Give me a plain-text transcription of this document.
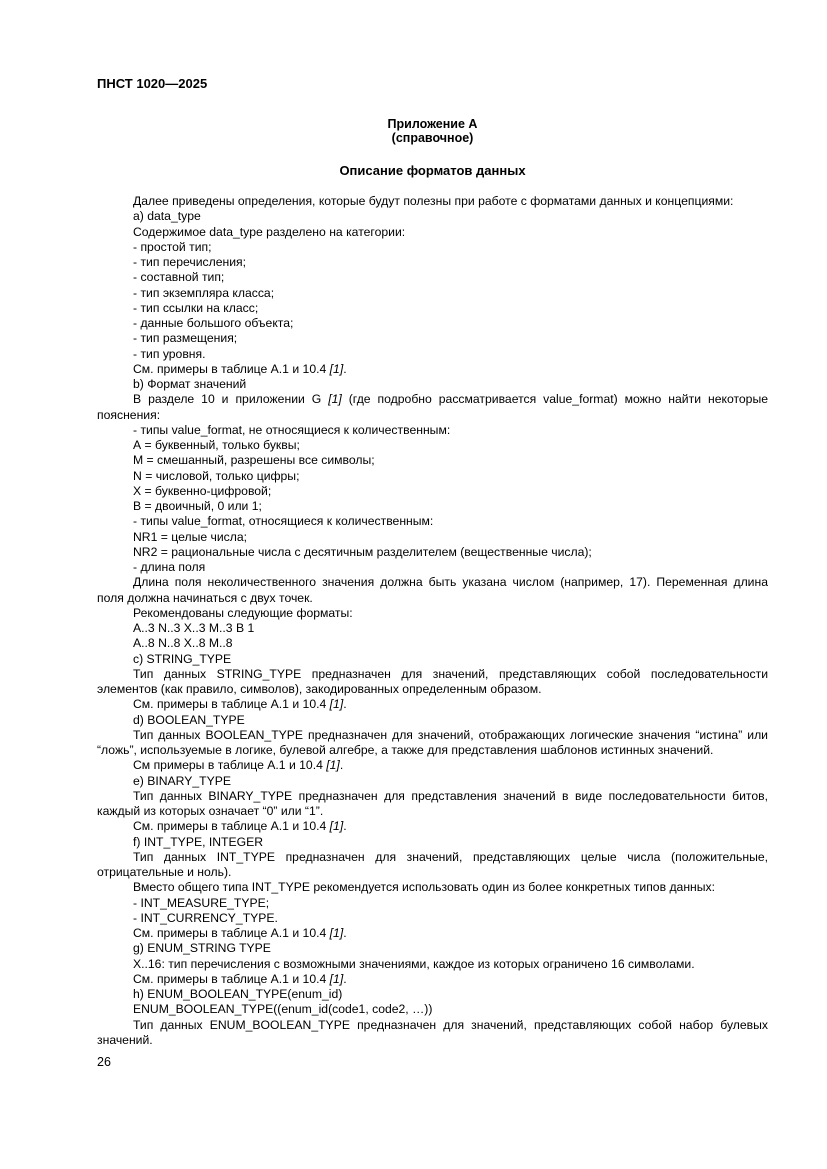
ПНСТ 1020—2025
Приложение А
(справочное)
Описание форматов данных

Далее приведены определения, которые будут полезны при работе с форматами данных и концепциями:

а) data_type

Содержимое data_type разделено на категории:

- простой тип;

- тип перечисления;

- составной тип;

- тип экземпляра класса;

- тип ссылки на класс;

- данные большого объекта;

- тип размещения;

- тип уровня.

См. примеры в таблице А.1 и 10.4 [1].

b) Формат значений

В разделе 10 и приложении G [1] (где подробно рассматривается value_format) можно найти некоторые пояснения:

- типы value_format, не относящиеся к количественным:

А = буквенный, только буквы;

М = смешанный, разрешены все символы;

N = числовой, только цифры;

X = буквенно-цифровой;

В = двоичный, 0 или 1;

- типы value_format, относящиеся к количественным:

NR1 = целые числа;

NR2 = рациональные числа с десятичным разделителем (вещественные числа);

- длина поля

Длина поля неколичественного значения должна быть указана числом (например, 17). Переменная длина поля должна начинаться с двух точек.

Рекомендованы следующие форматы:

А..3 N..3 X..3 M..3 B 1

А..8 N..8 X..8 M..8

c) STRING_TYPE

Тип данных STRING_TYPE предназначен для значений, представляющих собой последовательности элементов (как правило, символов), закодированных определенным образом.

См. примеры в таблице А.1 и 10.4 [1].

d) BOOLEAN_TYPE

Тип данных BOOLEAN_TYPE предназначен для значений, отображающих логические значения “истина” или “ложь”, используемые в логике, булевой алгебре, а также для представления шаблонов истинных значений.

См примеры в таблице А.1 и 10.4 [1].

e) BINARY_TYPE

Тип данных BINARY_TYPE предназначен для представления значений в виде последовательности битов, каждый из которых означает “0” или “1”.

См. примеры в таблице А.1 и 10.4 [1].

f) INT_TYPE, INTEGER

Тип данных INT_TYPE предназначен для значений, представляющих целые числа (положительные, отрицательные и ноль).

Вместо общего типа INT_TYPE рекомендуется использовать один из более конкретных типов данных:

- INT_MEASURE_TYPE;

- INT_CURRENCY_TYPE.

См. примеры в таблице А.1 и 10.4 [1].

g) ENUM_STRING TYPE

X..16: тип перечисления с возможными значениями, каждое из которых ограничено 16 символами.

См. примеры в таблице А.1 и 10.4 [1].

h) ENUM_BOOLEAN_TYPE(enum_id)

ENUM_BOOLEAN_TYPE((enum_id(code1, code2, …))

Тип данных ENUM_BOOLEAN_TYPE предназначен для значений, представляющих собой набор булевых значений.

26
